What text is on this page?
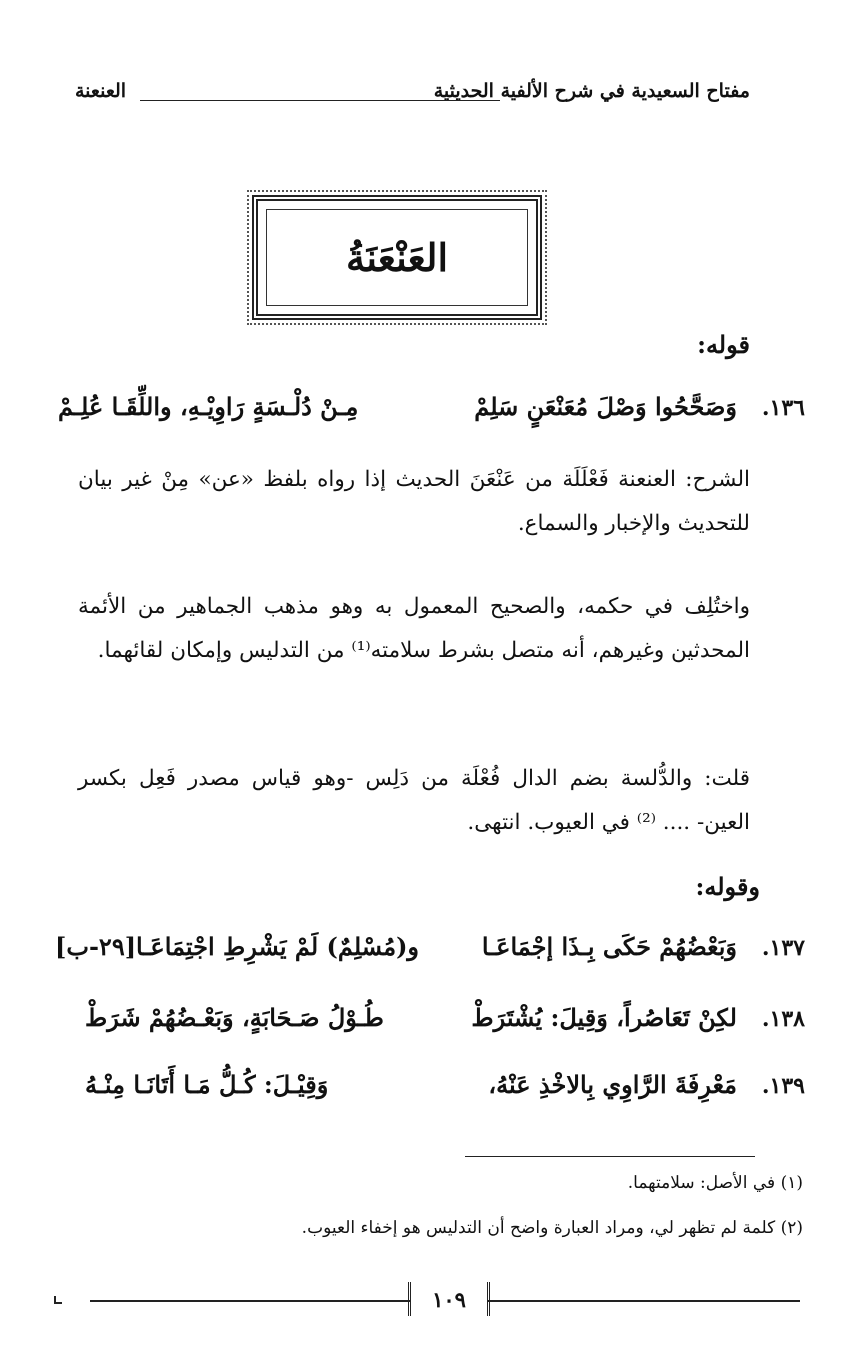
مفتاح السعيدية في شرح الألفية الحديثية
العنعنة
العَنْعَنَةُ
قوله:
١٣٦.
وَصَحَّحُوا وَصْلَ مُعَنْعَنٍ سَلِمْ
مِـنْ دُلْـسَةٍ رَاوِيْـهِ، واللِّقَـا عُلِـمْ
الشرح: العنعنة فَعْلَلَة من عَنْعَنَ الحديث إذا رواه بلفظ «عن» مِنْ غير بيان للتحديث والإخبار والسماع.
واختُلِف في حكمه، والصحيح المعمول به وهو مذهب الجماهير من الأئمة المحدثين وغيرهم، أنه متصل بشرط سلامته⁽¹⁾ من التدليس وإمكان لقائهما.
قلت: والدُّلسة بضم الدال فُعْلَة من دَلِس -وهو قياس مصدر فَعِل بكسر العين- .... ⁽²⁾ في العيوب. انتهى.
وقوله:
١٣٧.
وَبَعْضُهُمْ حَكَى بِـذَا إجْمَاعَـا
و(مُسْلِمٌ) لَمْ يَشْرِطِ اجْتِمَاعَـا[٢٩-ب]
١٣٨.
لكِنْ تَعَاصُراً، وَقِيلَ: يُشْتَرَطْ
طُـوْلُ صَـحَابَةٍ، وَبَعْـضُهُمْ شَرَطْ
١٣٩.
مَعْرِفَةَ الرَّاوِي بِالاخْذِ عَنْهُ،
وَقِيْـلَ: كُـلُّ مَـا أَتَانَـا مِنْـهُ
(١) في الأصل: سلامتهما.
(٢) كلمة لم تظهر لي، ومراد العبارة واضح أن التدليس هو إخفاء العيوب.
١٠٩
